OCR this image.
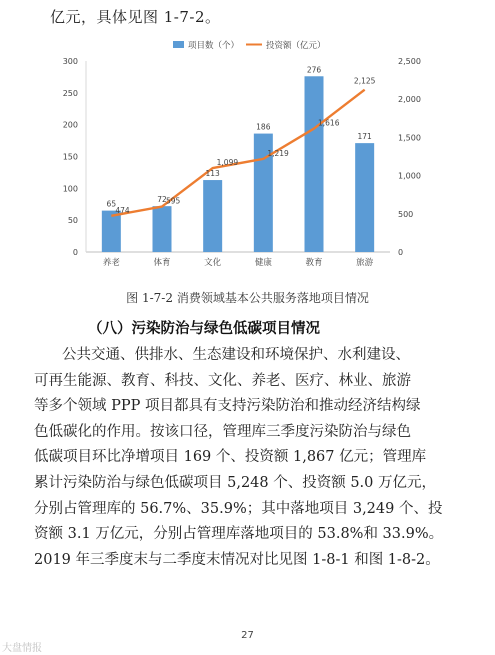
亿元，具体见图 1-7-2。
项目数（个）	投资额（亿元）
0
50
100
150
200
250
300
0
500
1,000
1,500
2,000
2,500
65	72
113
186
276
171
474
595
1,099
1,219
1,616
2,125
养老	体育	文化	健康	教育	旅游
图 1-7-2 消费领域基本公共服务落地项目情况
（八）污染防治与绿色低碳项目情况
公共交通、供排水、生态建设和环境保护、水利建设、
可再生能源、教育、科技、文化、养老、医疗、林业、旅游
等多个领域 PPP 项目都具有支持污染防治和推动经济结构绿
色低碳化的作用。按该口径，管理库三季度污染防治与绿色
低碳项目环比净增项目 169 个、投资额 1,867 亿元；管理库
累计污染防治与绿色低碳项目 5,248 个、投资额 5.0 万亿元，
分别占管理库的 56.7%、35.9%；其中落地项目 3,249 个、投
资额 3.1 万亿元，分别占管理库落地项目的 53.8%和 33.9%。
2019 年三季度末与二季度末情况对比见图 1-8-1 和图 1-8-2。
27
大盘情报
